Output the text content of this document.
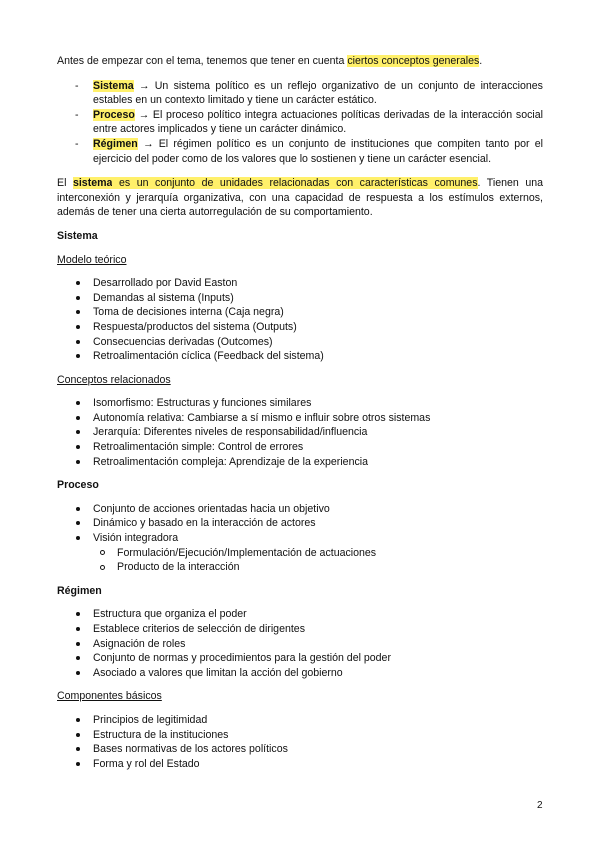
Antes de empezar con el tema, tenemos que tener en cuenta ciertos conceptos generales.

- Sistema → Un sistema político es un reflejo organizativo de un conjunto de interacciones estables en un contexto limitado y tiene un carácter estático.
- Proceso → El proceso político integra actuaciones políticas derivadas de la interacción social entre actores implicados y tiene un carácter dinámico.
- Régimen → El régimen político es un conjunto de instituciones que compiten tanto por el ejercicio del poder como de los valores que lo sostienen y tiene un carácter esencial.

El sistema es un conjunto de unidades relacionadas con características comunes. Tienen una interconexión y jerarquía organizativa, con una capacidad de respuesta a los estímulos externos, además de tener una cierta autorregulación de su comportamiento.

Sistema

Modelo teórico

Desarrollado por David Easton
Demandas al sistema (Inputs)
Toma de decisiones interna (Caja negra)
Respuesta/productos del sistema (Outputs)
Consecuencias derivadas (Outcomes)
Retroalimentación cíclica (Feedback del sistema)

Conceptos relacionados

Isomorfismo: Estructuras y funciones similares
Autonomía relativa: Cambiarse a sí mismo e influir sobre otros sistemas
Jerarquía: Diferentes niveles de responsabilidad/influencia
Retroalimentación simple: Control de errores
Retroalimentación compleja: Aprendizaje de la experiencia

Proceso

Conjunto de acciones orientadas hacia un objetivo
Dinámico y basado en la interacción de actores
Visión integradora
Formulación/Ejecución/Implementación de actuaciones
Producto de la interacción

Régimen

Estructura que organiza el poder
Establece criterios de selección de dirigentes
Asignación de roles
Conjunto de normas y procedimientos para la gestión del poder
Asociado a valores que limitan la acción del gobierno

Componentes básicos

Principios de legitimidad
Estructura de la instituciones
Bases normativas de los actores políticos
Forma y rol del Estado
2
